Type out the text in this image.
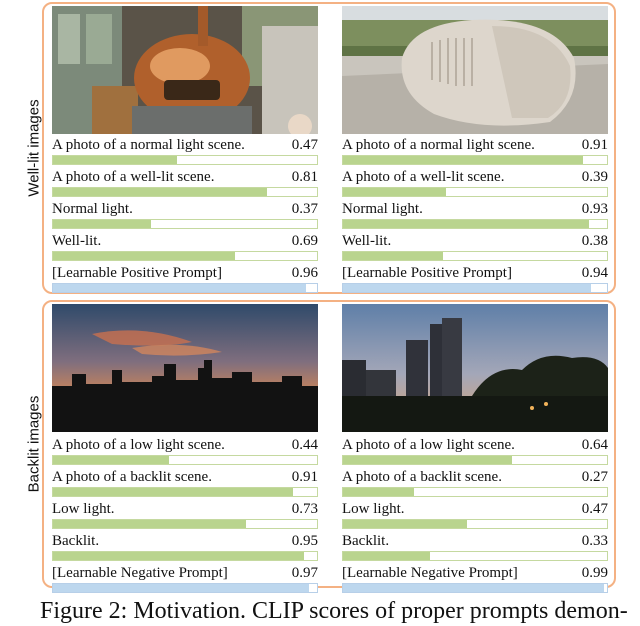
Well-lit images
Backlit images
A photo of a normal light scene.	0.47
A photo of a well-lit scene.	0.81
Normal light.	0.37
Well-lit.	0.69
[Learnable Positive Prompt]	0.96
A photo of a normal light scene.	0.91
A photo of a well-lit scene.	0.39
Normal light.	0.93
Well-lit.	0.38
[Learnable Positive Prompt]	0.94
A photo of a low light scene.	0.44
A photo of a backlit scene.	0.91
Low light.	0.73
Backlit.	0.95
[Learnable Negative Prompt]	0.97
A photo of a low light scene.	0.64
A photo of a backlit scene.	0.27
Low light.	0.47
Backlit.	0.33
[Learnable Negative Prompt]	0.99
Figure 2: Motivation. CLIP scores of proper prompts demon-
